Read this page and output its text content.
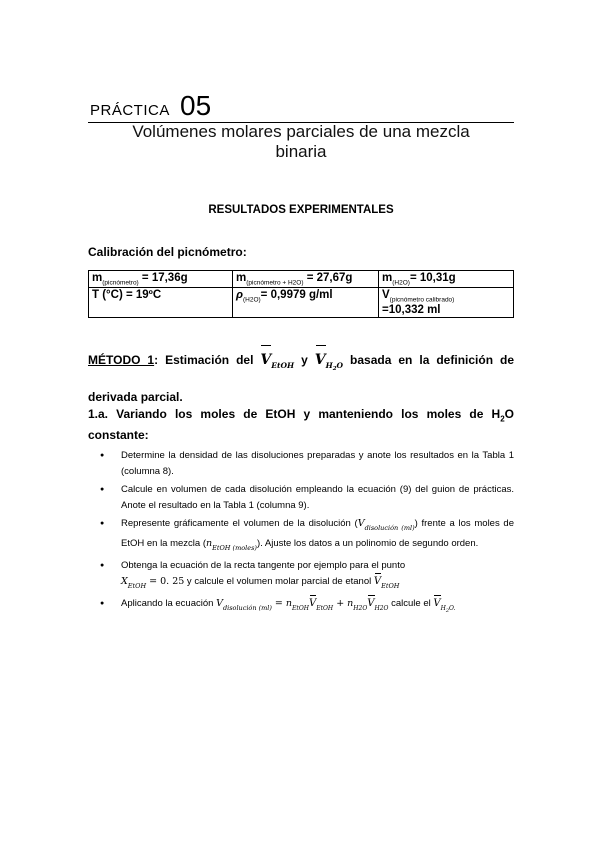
PRÁCTICA 05
Volúmenes molares parciales de una mezcla
binaria
RESULTADOS EXPERIMENTALES
Calibración del picnómetro:
$m_{(picnómetro)} = 17,36g$	$m_{(picnómetro + H2O)} = 27,67g$	$m_{(H2O)}= 10,31g$
T (°C) = 19ºC	$\rho_{(H2O)}= 0,9979$ g/ml	$V_{(picnómetro calibrado)}$
=10,332 ml
MÉTODO 1: Estimación del $V_{EtOH}$ y $V_{H2O}$ basada en la definición de derivada parcial.
1.a. Variando los moles de EtOH y manteniendo los moles de $H_2O$ constante:
● Determine la densidad de las disoluciones preparadas y anote los resultados en la Tabla 1 (columna 8).
● Calcule en volumen de cada disolución empleando la ecuación (9) del guion de prácticas. Anote el resultado en la Tabla 1 (columna 9).
● Represente gráficamente el volumen de la disolución $(V_{disolución (ml)})$ frente a los moles de EtOH en la mezcla $(n_{EtOH (moles)})$. Ajuste los datos a un polinomio de segundo orden.
● Obtenga la ecuación de la recta tangente por ejemplo para el punto
$X_{EtOH} = 0$. 25 y calcule el volumen molar parcial de etanol $V_{EtOH}$
● Aplicando la ecuación $V_{disolución (ml)} = n_{EtOH}V_{EtOH} + n_{H2O}V_{H2O}$ calcule el $V_{H2O.}$
